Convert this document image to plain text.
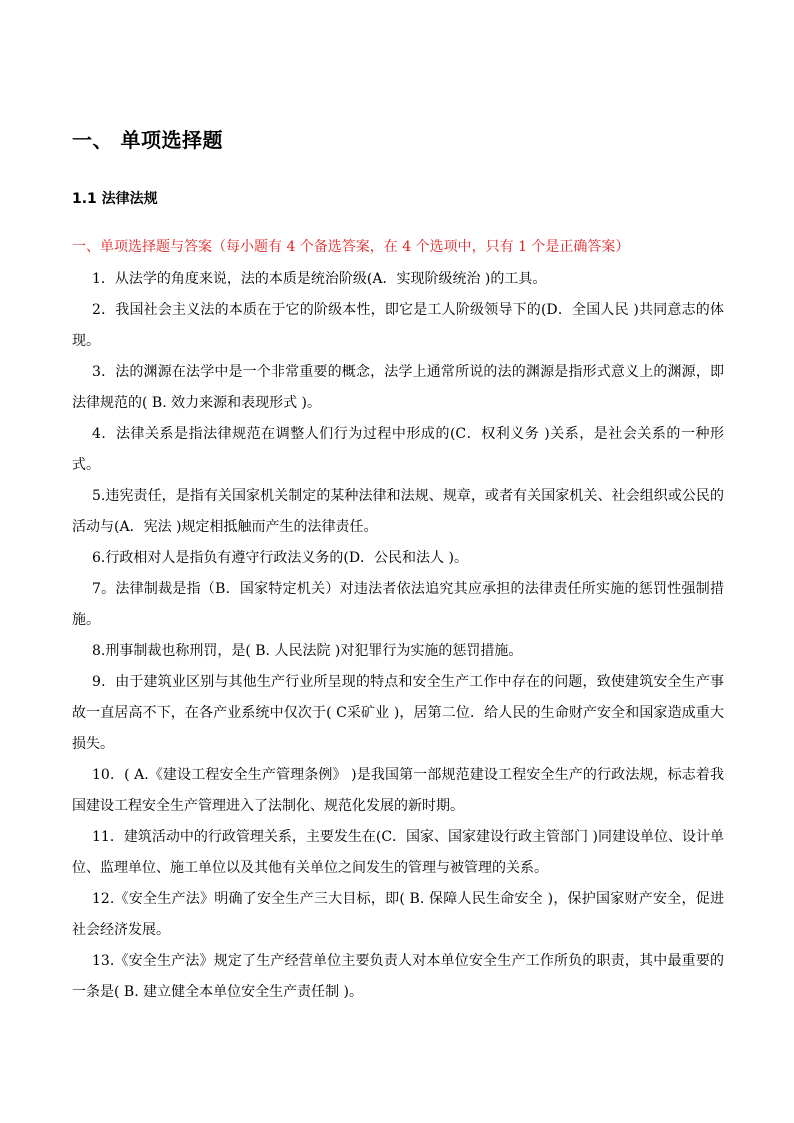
一、 单项选择题
1.1 法律法规
一、单项选择题与答案（每小题有 4 个备选答案，在 4 个选项中，只有 1 个是正确答案）

1．从法学的角度来说，法的本质是统治阶级(A．实现阶级统治 )的工具。

2．我国社会主义法的本质在于它的阶级本性，即它是工人阶级领导下的(D．全国人民 )共同意志的体现。

3．法的渊源在法学中是一个非常重要的概念，法学上通常所说的法的渊源是指形式意义上的渊源，即法律规范的( B. 效力来源和表现形式 )。

4．法律关系是指法律规范在调整人们行为过程中形成的(C．权利义务 )关系，是社会关系的一种形式。

5.违宪责任，是指有关国家机关制定的某种法律和法规、规章，或者有关国家机关、社会组织或公民的活动与(A．宪法 )规定相抵触而产生的法律责任。

6.行政相对人是指负有遵守行政法义务的(D．公民和法人 )。

7。法律制裁是指（B．国家特定机关）对违法者依法追究其应承担的法律责任所实施的惩罚性强制措施。

8.刑事制裁也称刑罚，是( B. 人民法院 )对犯罪行为实施的惩罚措施。

9．由于建筑业区别与其他生产行业所呈现的特点和安全生产工作中存在的问题，致使建筑安全生产事故一直居高不下，在各产业系统中仅次于( C采矿业 )，居第二位．给人民的生命财产安全和国家造成重大损失。

10．( A.《建设工程安全生产管理条例》 )是我国第一部规范建设工程安全生产的行政法规，标志着我国建设工程安全生产管理进入了法制化、规范化发展的新时期。

11．建筑活动中的行政管理关系，主要发生在(C．国家、国家建设行政主管部门 )同建设单位、设计单位、监理单位、施工单位以及其他有关单位之间发生的管理与被管理的关系。

12.《安全生产法》明确了安全生产三大目标，即( B. 保障人民生命安全 )，保护国家财产安全，促进社会经济发展。

13.《安全生产法》规定了生产经营单位主要负责人对本单位安全生产工作所负的职责，其中最重要的一条是( B. 建立健全本单位安全生产责任制 )。
